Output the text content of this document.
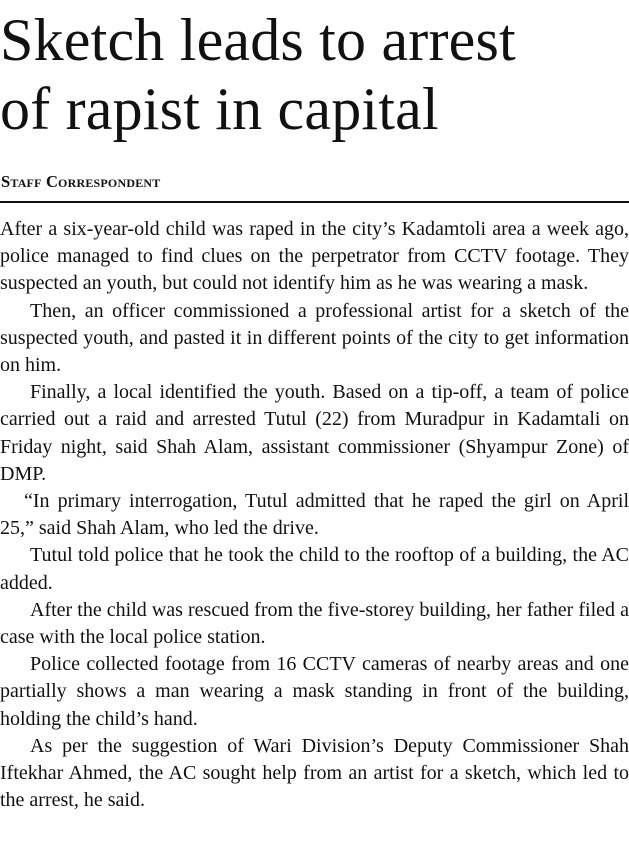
Sketch leads to arrest
of rapist in capital
Staff Correspondent

After a six-year-old child was raped in the city’s Kadamtoli area a week ago, police managed to find clues on the perpetrator from CCTV footage. They suspected an youth, but could not identify him as he was wearing a mask.

Then, an officer commissioned a professional artist for a sketch of the suspected youth, and pasted it in different points of the city to get information on him.

Finally, a local identified the youth. Based on a tip-off, a team of police carried out a raid and arrested Tutul (22) from Muradpur in Kadamtali on Friday night, said Shah Alam, assistant commissioner (Shyampur Zone) of DMP.

“In primary interrogation, Tutul admitted that he raped the girl on April 25,” said Shah Alam, who led the drive.

Tutul told police that he took the child to the rooftop of a building, the AC added.

After the child was rescued from the five-storey building, her father filed a case with the local police station.

Police collected footage from 16 CCTV cameras of nearby areas and one partially shows a man wearing a mask standing in front of the building, holding the child’s hand.

As per the suggestion of Wari Division’s Deputy Commissioner Shah Iftekhar Ahmed, the AC sought help from an artist for a sketch, which led to the arrest, he said.
